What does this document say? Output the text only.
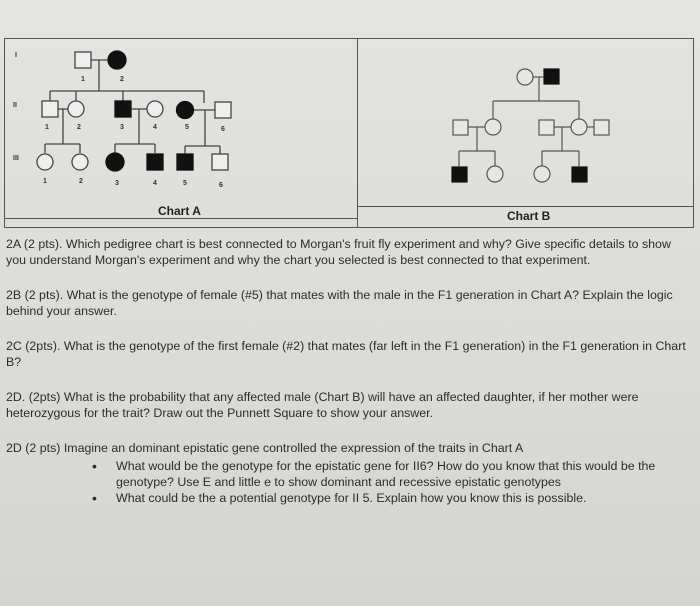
I
II
III
1	2
1	2	3	4	5	6
1	2	3	4	5	6
Chart A	Chart B

2A (2 pts). Which pedigree chart is best connected to Morgan's fruit fly experiment and why? Give specific details to show you understand Morgan's experiment and why the chart you selected is best connected to that experiment.

2B (2 pts). What is the genotype of female (#5) that mates with the male in the F1 generation in Chart A? Explain the logic behind your answer.

2C (2pts). What is the genotype of the first female (#2) that mates (far left in the F1 generation) in the F1 generation in Chart B?

2D. (2pts) What is the probability that any affected male (Chart B) will have an affected daughter, if her mother were heterozygous for the trait? Draw out the Punnett Square to show your answer.

2D (2 pts) Imagine an dominant epistatic gene controlled the expression of the traits in Chart A

• What would be the genotype for the epistatic gene for II6? How do you know that this would be the genotype? Use E and little e to show dominant and recessive epistatic genotypes
• What could be the a potential genotype for II 5. Explain how you know this is possible.
